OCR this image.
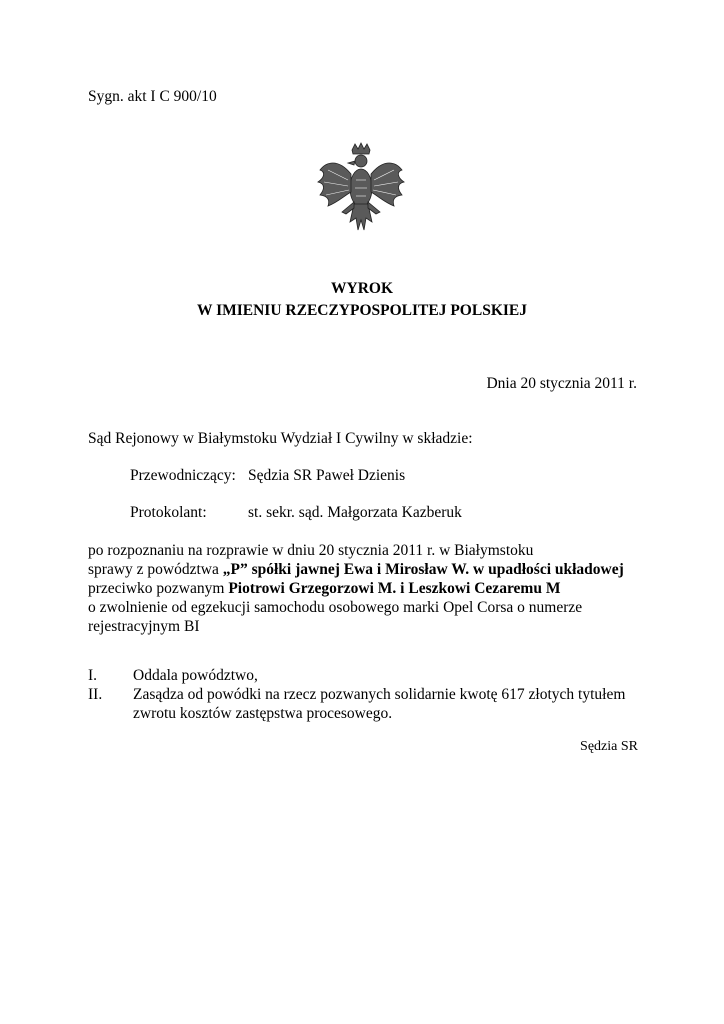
Sygn. akt I C 900/10
WYROK
W IMIENIU RZECZYPOSPOLITEJ POLSKIEJ
Dnia 20 stycznia 2011 r.
Sąd Rejonowy w Białymstoku Wydział I Cywilny w składzie:
Przewodniczący: Sędzia SR Paweł Dzienis
Protokolant:	st. sekr. sąd. Małgorzata Kazberuk
po rozpoznaniu na rozprawie w dniu 20 stycznia 2011 r. w Białymstoku
sprawy z powództwa „P” spółki jawnej Ewa i Mirosław W. w upadłości układowej
przeciwko pozwanym Piotrowi Grzegorzowi M. i Leszkowi Cezaremu M
o zwolnienie od egzekucji samochodu osobowego marki Opel Corsa o numerze
rejestracyjnym BI
I. Oddala powództwo,
II. Zasądza od powódki na rzecz pozwanych solidarnie kwotę 617 złotych tytułem
zwrotu kosztów zastępstwa procesowego.
Sędzia SR
